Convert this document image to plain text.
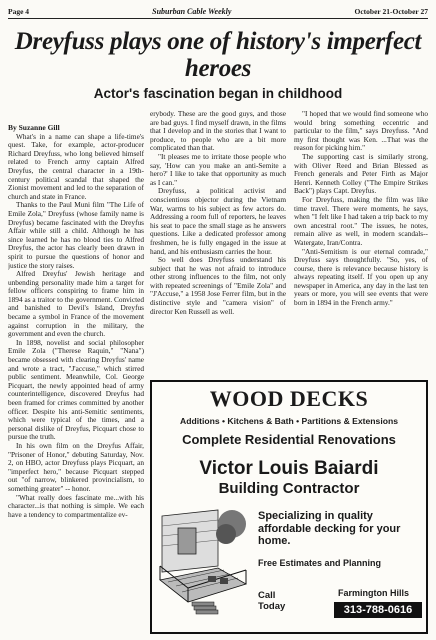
Page 4	Suburban Cable Weekly	October 21-October 27
Dreyfuss plays one of history's imperfect heroes
Actor's fascination began in childhood

By Suzanne Gill

What's in a name can shape a life-time's quest. Take, for example, actor-producer Richard Dreyfuss, who long believed himself related to French army captain Alfred Dreyfus, the central character in a 19th-century political scandal that shaped the Zionist movement and led to the separation of church and state in France.

Thanks to the Paul Muni film "The Life of Emile Zola," Dreyfuss (whose family name is Dreyfus) became fascinated with the Dreyfus Affair while still a child. Although he has since learned he has no blood ties to Alfred Dreyfus, the actor has clearly been drawn in spirit to pursue the questions of honor and justice the story raises.

Alfred Dreyfus' Jewish heritage and unbending personality made him a target for fellow officers conspiring to frame him in 1894 as a traitor to the government. Convicted and banished to Devil's Island, Dreyfus became a symbol in France of the movement against corruption in the military, the government and even the church.

In 1898, novelist and social philosopher Emile Zola ("Therese Raquin," "Nana") became obsessed with clearing Dreyfus' name and wrote a tract, "J'accuse," which stirred public sentiment. Meanwhile, Col. George Picquart, the newly appointed head of army counterintelligence, discovered Dreyfus had been framed for crimes committed by another officer. Despite his anti-Semitic sentiments, which were typical of the times, and a personal dislike of Dreyfus, Picquart chose to pursue the truth.

In his own film on the Dreyfus Affair, "Prisoner of Honor," debuting Saturday, Nov. 2, on HBO, actor Dreyfuss plays Picquart, an "imperfect hero," because Picquart stepped out "of narrow, blinkered provincialism, to something greater" -- honor.

"What really does fascinate me...with his character...is that nothing is simple. We each have a tendency to compartmentalize ev-

erybody. These are the good guys, and those are bad guys. I find myself drawn, in the films that I develop and in the stories that I want to produce, to people who are a bit more complicated than that.

"It pleases me to irritate those people who say, 'How can you make an anti-Semite a hero?' I like to take that opportunity as much as I can."

Dreyfuss, a political activist and conscientious objector during the Vietnam War, warms to his subject as few actors do. Addressing a room full of reporters, he leaves his seat to pace the small stage as he answers questions. Like a dedicated professor among freshmen, he is fully engaged in the issue at hand, and his enthusiasm carries the hour.

So well does Dreyfuss understand his subject that he was not afraid to introduce other strong influences to the film, not only with repeated screenings of "Emile Zola" and "J'Accuse," a 1958 Jose Ferrer film, but in the distinctive style and "camera vision" of director Ken Russell as well.

"I hoped that we would find someone who would bring something eccentric and particular to the film," says Dreyfuss. "And my first thought was Ken. ...That was the reason for picking him."

The supporting cast is similarly strong, with Oliver Reed and Brian Blessed as French generals and Peter Firth as Major Henri. Kenneth Colley ("The Empire Strikes Back") plays Capt. Dreyfus.

For Dreyfuss, making the film was like time travel. There were moments, he says, when "I felt like I had taken a trip back to my own ancestral root." The issues, he notes, remain alive as well, in modern scandals--Watergate, Iran/Contra.

"Anti-Semitism is our eternal comrade," Dreyfuss says thoughtfully. "So, yes, of course, there is relevance because history is always repeating itself. If you open up any newspaper in America, any day in the last ten years or more, you will see events that were born in 1894 in the French army."

WOOD DECKS
Additions • Kitchens & Bath • Partitions & Extensions
Complete Residential Renovations
Victor Louis Baiardi
Building Contractor
Specializing in quality affordable decking for your home.
Free Estimates and Planning
Call
Today
Farmington Hills
313-788-0616
